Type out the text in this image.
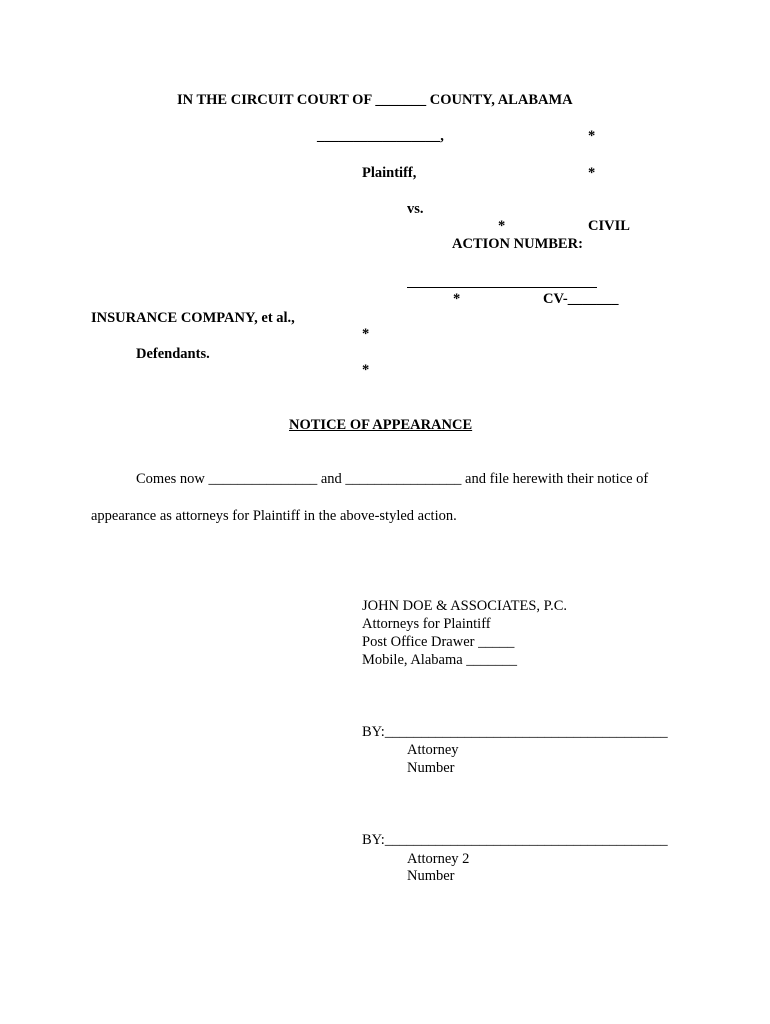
IN THE CIRCUIT COURT OF _______ COUNTY, ALABAMA
_________________,	*
Plaintiff,	*
vs.
*	CIVIL
ACTION NUMBER:
*	CV-_______
INSURANCE COMPANY, et al.,
*
Defendants.
*
NOTICE OF APPEARANCE
Comes now _______________ and ________________ and file herewith their notice of
appearance as attorneys for Plaintiff in the above-styled action.
JOHN DOE & ASSOCIATES, P.C.
Attorneys for Plaintiff
Post Office Drawer _____
Mobile, Alabama _______
BY:_______________________________________
Attorney
Number
BY:_______________________________________
Attorney 2
Number
